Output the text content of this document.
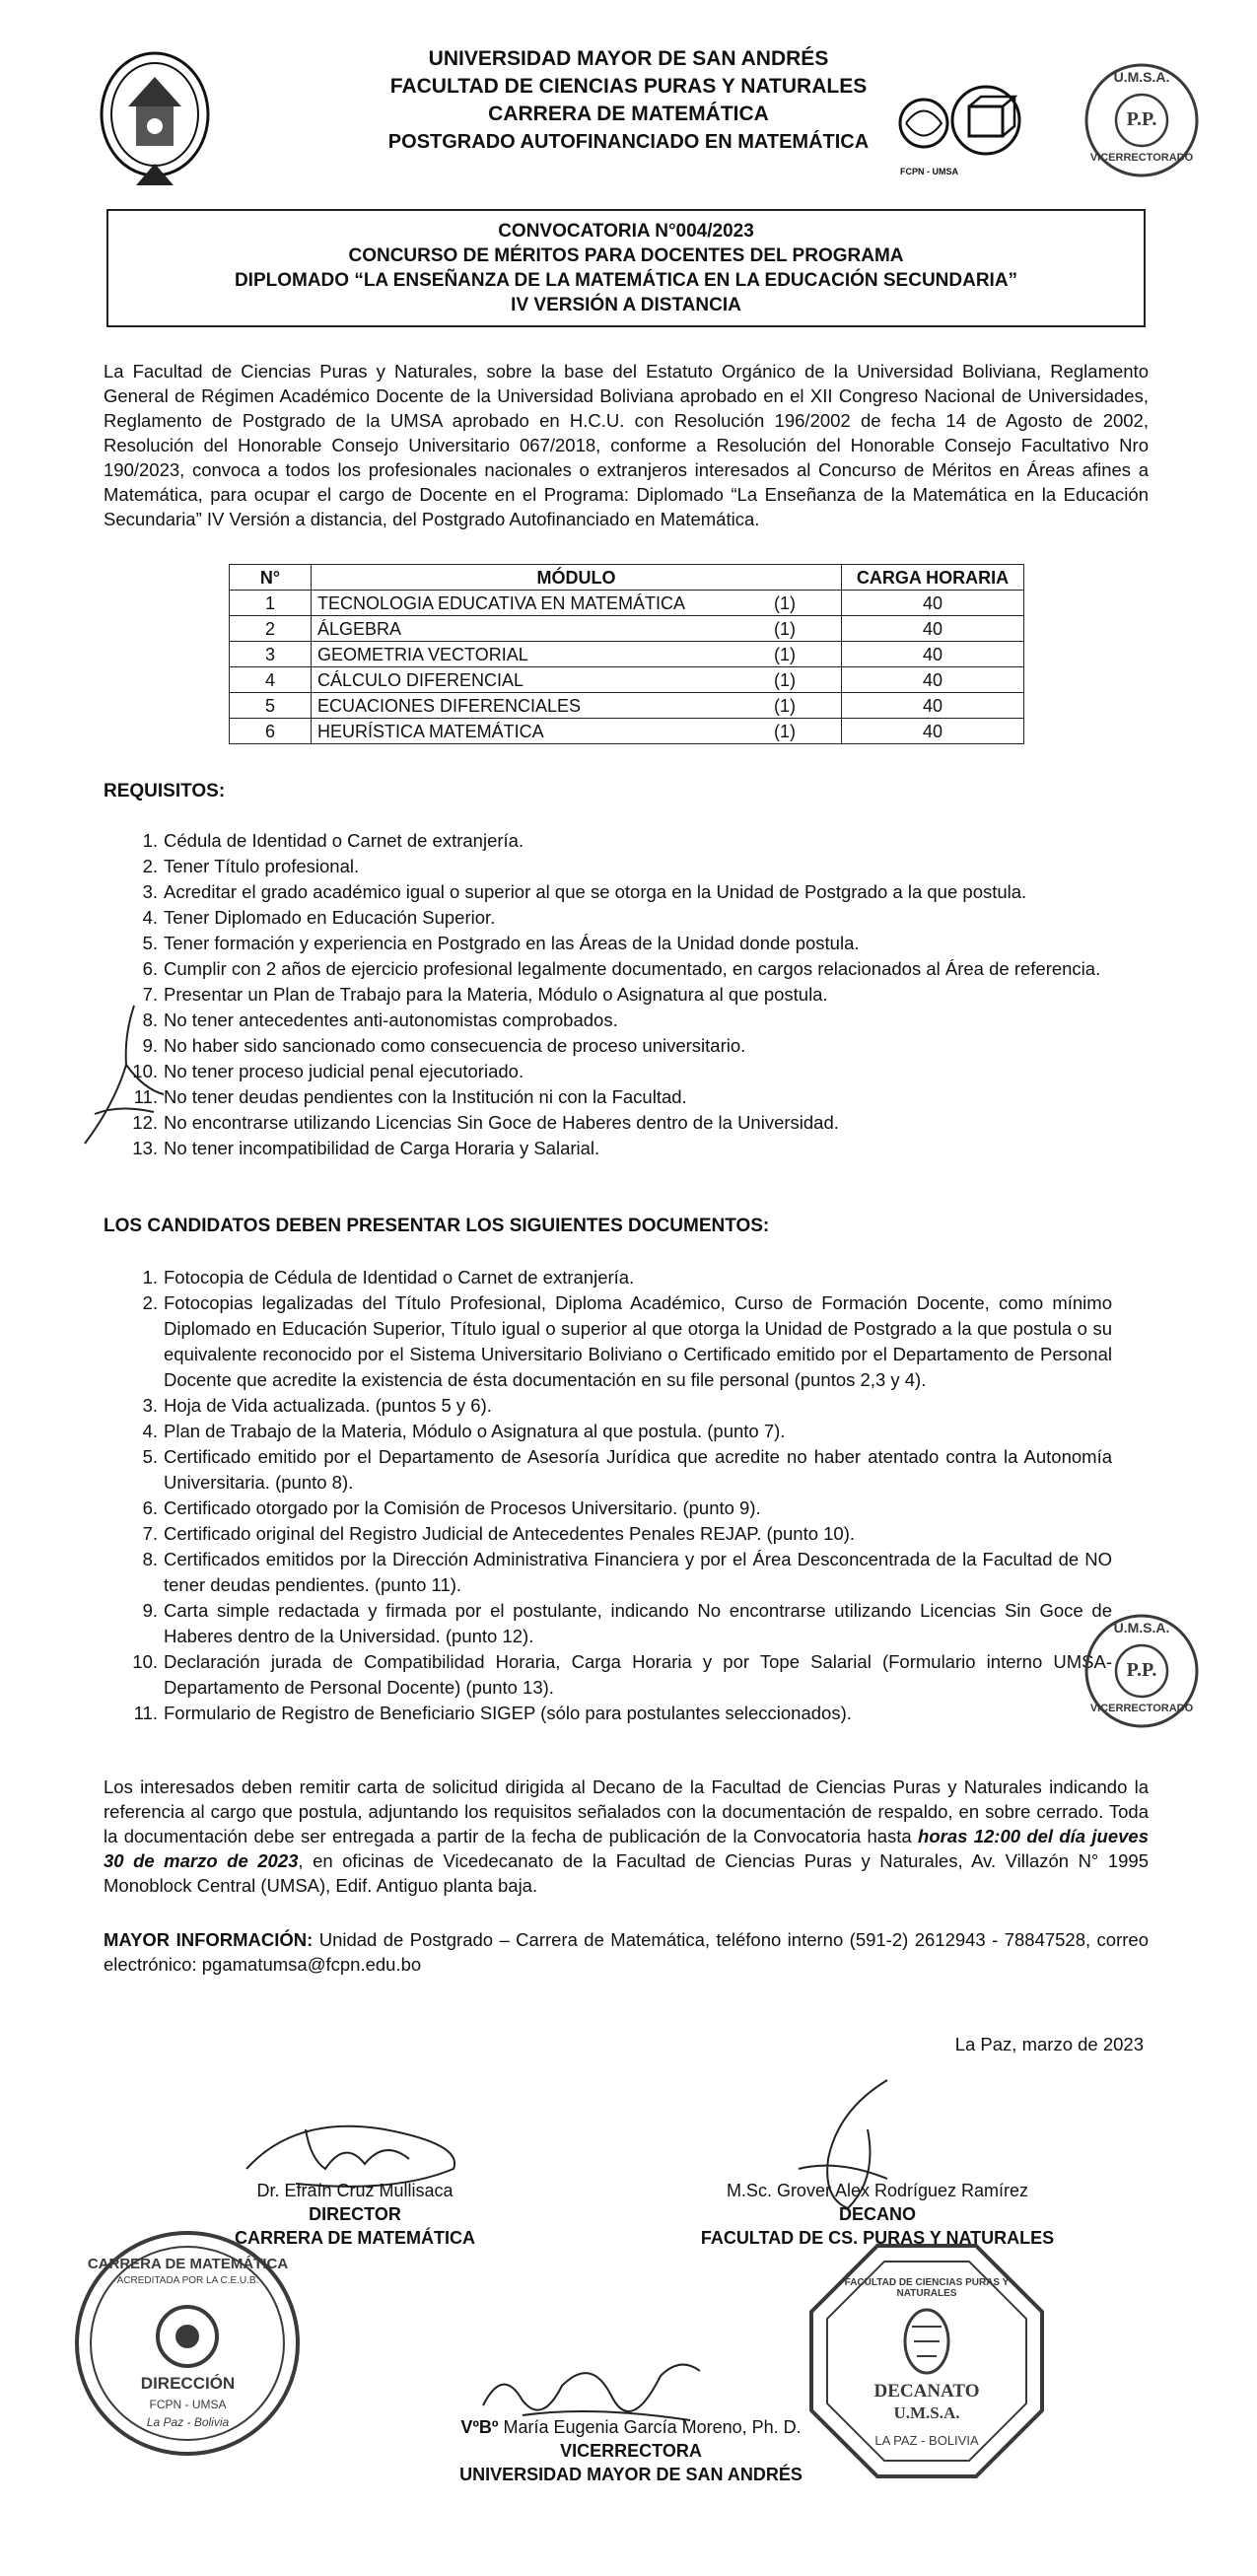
UNIVERSIDAD MAYOR DE SAN ANDRÉS
FACULTAD DE CIENCIAS PURAS Y NATURALES
CARRERA DE MATEMÁTICA
POSTGRADO AUTOFINANCIADO EN MATEMÁTICA
FCPN - UMSA
U.M.S.A.
P.P.
VICERRECTORADO
CONVOCATORIA N°004/2023
CONCURSO DE MÉRITOS PARA DOCENTES DEL PROGRAMA
DIPLOMADO “LA ENSEÑANZA DE LA MATEMÁTICA EN LA EDUCACIÓN SECUNDARIA”
IV VERSIÓN A DISTANCIA
La Facultad de Ciencias Puras y Naturales, sobre la base del Estatuto Orgánico de la Universidad Boliviana, Reglamento General de Régimen Académico Docente de la Universidad Boliviana aprobado en el XII Congreso Nacional de Universidades, Reglamento de Postgrado de la UMSA aprobado en H.C.U. con Resolución 196/2002 de fecha 14 de Agosto de 2002, Resolución del Honorable Consejo Universitario 067/2018, conforme a Resolución del Honorable Consejo Facultativo Nro 190/2023, convoca a todos los profesionales nacionales o extranjeros interesados al Concurso de Méritos en Áreas afines a Matemática, para ocupar el cargo de Docente en el Programa: Diplomado “La Enseñanza de la Matemática en la Educación Secundaria” IV Versión a distancia, del Postgrado Autofinanciado en Matemática.
N°	MÓDULO	CARGA HORARIA
1	TECNOLOGIA EDUCATIVA EN MATEMÁTICA (1)	40
2	ÁLGEBRA (1)	40
3	GEOMETRIA VECTORIAL (1)	40
4	CÁLCULO DIFERENCIAL (1)	40
5	ECUACIONES DIFERENCIALES (1)	40
6	HEURÍSTICA MATEMÁTICA (1)	40
REQUISITOS:
1. Cédula de Identidad o Carnet de extranjería.
2. Tener Título profesional.
3. Acreditar el grado académico igual o superior al que se otorga en la Unidad de Postgrado a la que postula.
4. Tener Diplomado en Educación Superior.
5. Tener formación y experiencia en Postgrado en las Áreas de la Unidad donde postula.
6. Cumplir con 2 años de ejercicio profesional legalmente documentado, en cargos relacionados al Área de referencia.
7. Presentar un Plan de Trabajo para la Materia, Módulo o Asignatura al que postula.
8. No tener antecedentes anti-autonomistas comprobados.
9. No haber sido sancionado como consecuencia de proceso universitario.
10. No tener proceso judicial penal ejecutoriado.
11. No tener deudas pendientes con la Institución ni con la Facultad.
12. No encontrarse utilizando Licencias Sin Goce de Haberes dentro de la Universidad.
13. No tener incompatibilidad de Carga Horaria y Salarial.
LOS CANDIDATOS DEBEN PRESENTAR LOS SIGUIENTES DOCUMENTOS:
1. Fotocopia de Cédula de Identidad o Carnet de extranjería.
2. Fotocopias legalizadas del Título Profesional, Diploma Académico, Curso de Formación Docente, como mínimo Diplomado en Educación Superior, Título igual o superior al que otorga la Unidad de Postgrado a la que postula o su equivalente reconocido por el Sistema Universitario Boliviano o Certificado emitido por el Departamento de Personal Docente que acredite la existencia de ésta documentación en su file personal (puntos 2,3 y 4).
3. Hoja de Vida actualizada. (puntos 5 y 6).
4. Plan de Trabajo de la Materia, Módulo o Asignatura al que postula. (punto 7).
5. Certificado emitido por el Departamento de Asesoría Jurídica que acredite no haber atentado contra la Autonomía Universitaria. (punto 8).
6. Certificado otorgado por la Comisión de Procesos Universitario. (punto 9).
7. Certificado original del Registro Judicial de Antecedentes Penales REJAP. (punto 10).
8. Certificados emitidos por la Dirección Administrativa Financiera y por el Área Desconcentrada de la Facultad de NO tener deudas pendientes. (punto 11).
9. Carta simple redactada y firmada por el postulante, indicando No encontrarse utilizando Licencias Sin Goce de Haberes dentro de la Universidad. (punto 12).
10. Declaración jurada de Compatibilidad Horaria, Carga Horaria y por Tope Salarial (Formulario interno UMSA-Departamento de Personal Docente) (punto 13).
11. Formulario de Registro de Beneficiario SIGEP (sólo para postulantes seleccionados).
U.M.S.A.
P.P.
VICERRECTORADO
Los interesados deben remitir carta de solicitud dirigida al Decano de la Facultad de Ciencias Puras y Naturales indicando la referencia al cargo que postula, adjuntando los requisitos señalados con la documentación de respaldo, en sobre cerrado. Toda la documentación debe ser entregada a partir de la fecha de publicación de la Convocatoria hasta horas 12:00 del día jueves 30 de marzo de 2023, en oficinas de Vicedecanato de la Facultad de Ciencias Puras y Naturales, Av. Villazón N° 1995 Monoblock Central (UMSA), Edif. Antiguo planta baja.
MAYOR INFORMACIÓN: Unidad de Postgrado – Carrera de Matemática, teléfono interno (591-2) 2612943 - 78847528, correo electrónico: pgamatumsa@fcpn.edu.bo
La Paz, marzo de 2023
Dr. Efraín Cruz Mullisaca
DIRECTOR
CARRERA DE MATEMÁTICA
M.Sc. Grover Alex Rodríguez Ramírez
DECANO
FACULTAD DE CS. PURAS Y NATURALES
CARRERA DE MATEMÁTICA
ACREDITADA POR LA C.E.U.B.
DIRECCIÓN
FCPN - UMSA
La Paz - Bolivia
FACULTAD DE CIENCIAS PURAS Y NATURALES
DECANATO
U.M.S.A.
LA PAZ - BOLIVIA
VºBº María Eugenia García Moreno, Ph. D.
VICERRECTORA
UNIVERSIDAD MAYOR DE SAN ANDRÉS
